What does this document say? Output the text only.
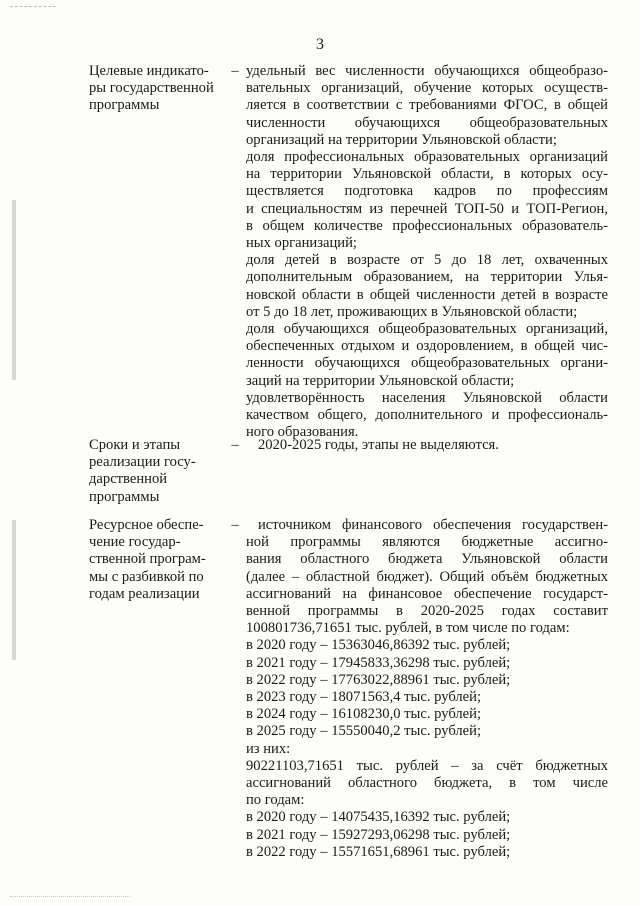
3
Целевые индикато-
ры государственной
программы
– удельный вес численности обучающихся общеобразо-
вательных организаций, обучение которых осуществ-
ляется в соответствии с требованиями ФГОС, в общей
численности обучающихся общеобразовательных
организаций на территории Ульяновской области;
доля профессиональных образовательных организаций
на территории Ульяновской области, в которых осу-
ществляется подготовка кадров по профессиям
и специальностям из перечней ТОП-50 и ТОП-Регион,
в общем количестве профессиональных образователь-
ных организаций;
доля детей в возрасте от 5 до 18 лет, охваченных
дополнительным образованием, на территории Улья-
новской области в общей численности детей в возрасте
от 5 до 18 лет, проживающих в Ульяновской области;
доля обучающихся общеобразовательных организаций,
обеспеченных отдыхом и оздоровлением, в общей чис-
ленности обучающихся общеобразовательных органи-
заций на территории Ульяновской области;
удовлетворённость населения Ульяновской области
качеством общего, дополнительного и профессиональ-
ного образования.
Сроки и этапы
реализации госу-
дарственной
программы
–	2020-2025 годы, этапы не выделяются.
Ресурсное обеспе-
чение государ-
ственной програм-
мы с разбивкой по
годам реализации
–	источником финансового обеспечения государствен-
ной программы являются бюджетные ассигно-
вания областного бюджета Ульяновской области
(далее – областной бюджет). Общий объём бюджетных
ассигнований на финансовое обеспечение государст-
венной программы в 2020-2025 годах составит
100801736,71651 тыс. рублей, в том числе по годам:
в 2020 году – 15363046,86392 тыс. рублей;
в 2021 году – 17945833,36298 тыс. рублей;
в 2022 году – 17763022,88961 тыс. рублей;
в 2023 году – 18071563,4 тыс. рублей;
в 2024 году – 16108230,0 тыс. рублей;
в 2025 году – 15550040,2 тыс. рублей;
из них:
90221103,71651 тыс. рублей – за счёт бюджетных
ассигнований областного бюджета, в том числе
по годам:
в 2020 году – 14075435,16392 тыс. рублей;
в 2021 году – 15927293,06298 тыс. рублей;
в 2022 году – 15571651,68961 тыс. рублей;
